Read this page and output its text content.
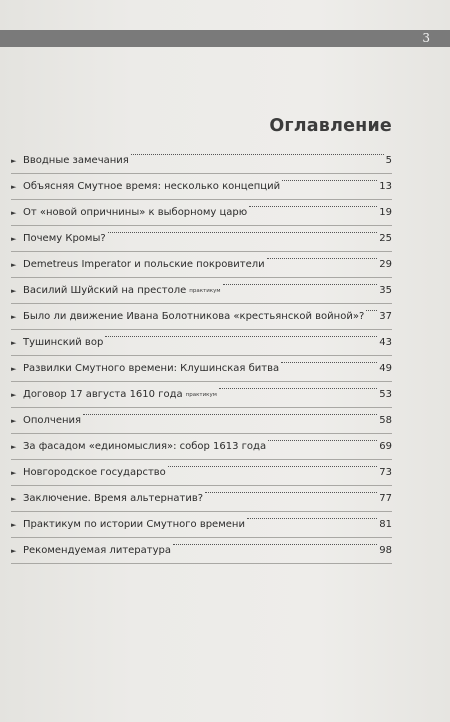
3
Оглавление
► Вводные замечания	5
► Объясняя Смутное время: несколько концепций	13
► От «новой опричнины» к выборному царю	19
► Почему Кромы?	25
► Demetreus Imperator и польские покровители	29
► Василий Шуйский на престоле практикум	35
► Было ли движение Ивана Болотникова «крестьянской войной»? 37
► Тушинский вор	43
► Развилки Смутного времени: Клушинская битва	49
► Договор 17 августа 1610 года практикум	53
► Ополчения	58
► За фасадом «единомыслия»: собор 1613 года	69
► Новгородское государство	73
► Заключение. Время альтернатив?	77
► Практикум по истории Смутного времени	81
► Рекомендуемая литература	98
